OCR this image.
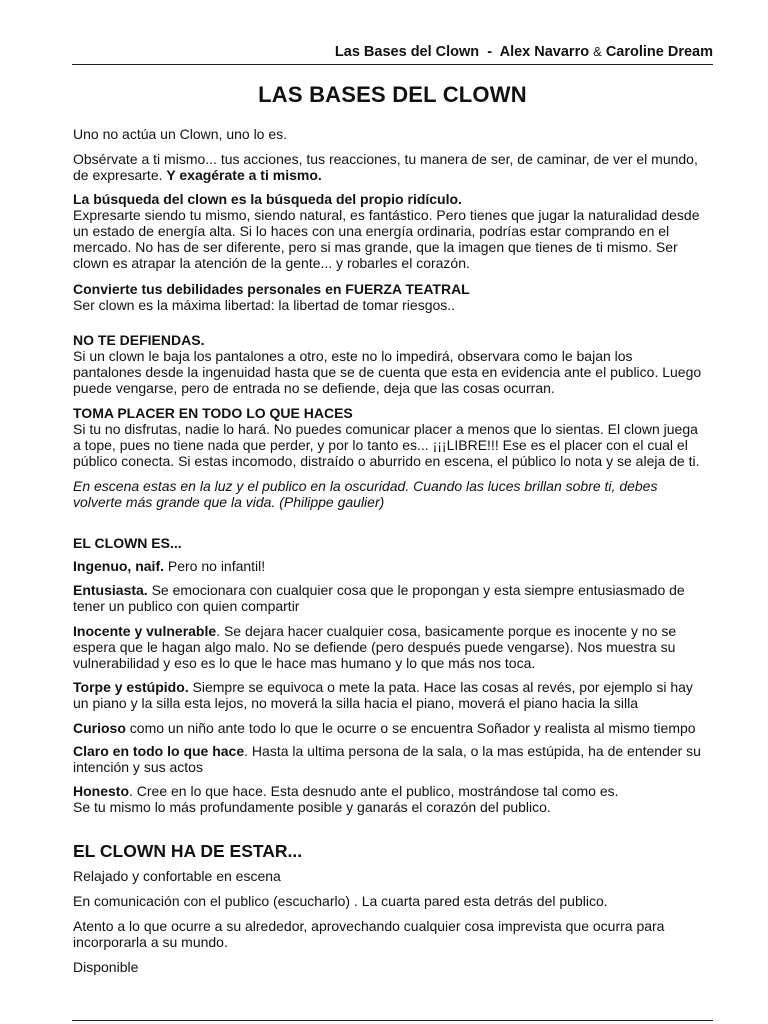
Las Bases del Clown - Alex Navarro & Caroline Dream
LAS BASES DEL CLOWN
Uno no actúa un Clown, uno lo es.
Obsérvate a ti mismo... tus acciones, tus reacciones, tu manera de ser, de caminar, de ver el mundo,
de expresarte. Y exagérate a ti mismo.
La búsqueda del clown es la búsqueda del propio ridículo.
Expresarte siendo tu mismo, siendo natural, es fantástico. Pero tienes que jugar la naturalidad desde
un estado de energía alta. Si lo haces con una energía ordinaria, podrías estar comprando en el
mercado. No has de ser diferente, pero si mas grande, que la imagen que tienes de ti mismo. Ser
clown es atrapar la atención de la gente... y robarles el corazón.
Convierte tus debilidades personales en FUERZA TEATRAL
Ser clown es la máxima libertad: la libertad de tomar riesgos..
NO TE DEFIENDAS.
Si un clown le baja los pantalones a otro, este no lo impedirá, observara como le bajan los
pantalones desde la ingenuidad hasta que se de cuenta que esta en evidencia ante el publico. Luego
puede vengarse, pero de entrada no se defiende, deja que las cosas ocurran.
TOMA PLACER EN TODO LO QUE HACES
Si tu no disfrutas, nadie lo hará. No puedes comunicar placer a menos que lo sientas. El clown juega
a tope, pues no tiene nada que perder, y por lo tanto es... ¡¡¡LIBRE!!! Ese es el placer con el cual el
público conecta. Si estas incomodo, distraído o aburrido en escena, el público lo nota y se aleja de ti.
En escena estas en la luz y el publico en la oscuridad. Cuando las luces brillan sobre ti, debes
volverte más grande que la vida. (Philippe gaulier)
EL CLOWN ES...
Ingenuo, naif. Pero no infantil!
Entusiasta. Se emocionara con cualquier cosa que le propongan y esta siempre entusiasmado de
tener un publico con quien compartir
Inocente y vulnerable. Se dejara hacer cualquier cosa, basicamente porque es inocente y no se
espera que le hagan algo malo. No se defiende (pero después puede vengarse). Nos muestra su
vulnerabilidad y eso es lo que le hace mas humano y lo que más nos toca.
Torpe y estúpido. Siempre se equivoca o mete la pata. Hace las cosas al revés, por ejemplo si hay
un piano y la silla esta lejos, no moverá la silla hacia el piano, moverá el piano hacia la silla
Curioso como un niño ante todo lo que le ocurre o se encuentra Soñador y realista al mismo tiempo
Claro en todo lo que hace. Hasta la ultima persona de la sala, o la mas estúpida, ha de entender su
intención y sus actos
Honesto. Cree en lo que hace. Esta desnudo ante el publico, mostrándose tal como es.
Se tu mismo lo más profundamente posible y ganarás el corazón del publico.
EL CLOWN HA DE ESTAR...
Relajado y confortable en escena
En comunicación con el publico (escucharlo) . La cuarta pared esta detrás del publico.
Atento a lo que ocurre a su alrededor, aprovechando cualquier cosa imprevista que ocurra para
incorporarla a su mundo.
Disponible
